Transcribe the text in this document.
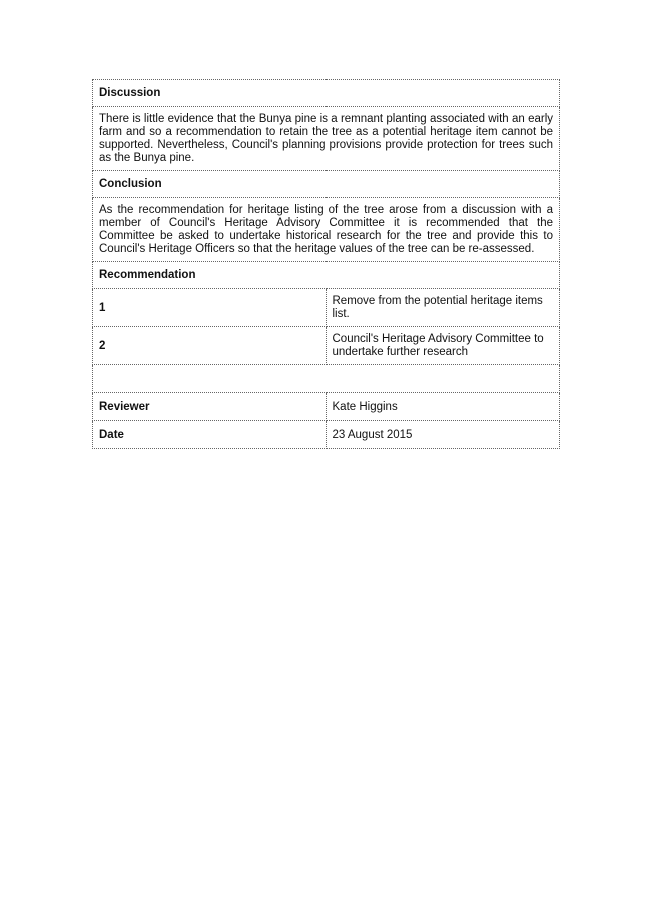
Discussion	
There is little evidence that the Bunya pine is a remnant planting associated with an early farm and so a recommendation to retain the tree as a potential heritage item cannot be supported. Nevertheless, Council's planning provisions provide protection for trees such as the Bunya pine.	
Conclusion	
As the recommendation for heritage listing of the tree arose from a discussion with a member of Council's Heritage Advisory Committee it is recommended that the Committee be asked to undertake historical research for the tree and provide this to Council's Heritage Officers so that the heritage values of the tree can be re-assessed.	
Recommendation	
1	Remove from the potential heritage items list.
2	Council's Heritage Advisory Committee to undertake further research

Reviewer	Kate Higgins
Date	23 August 2015
